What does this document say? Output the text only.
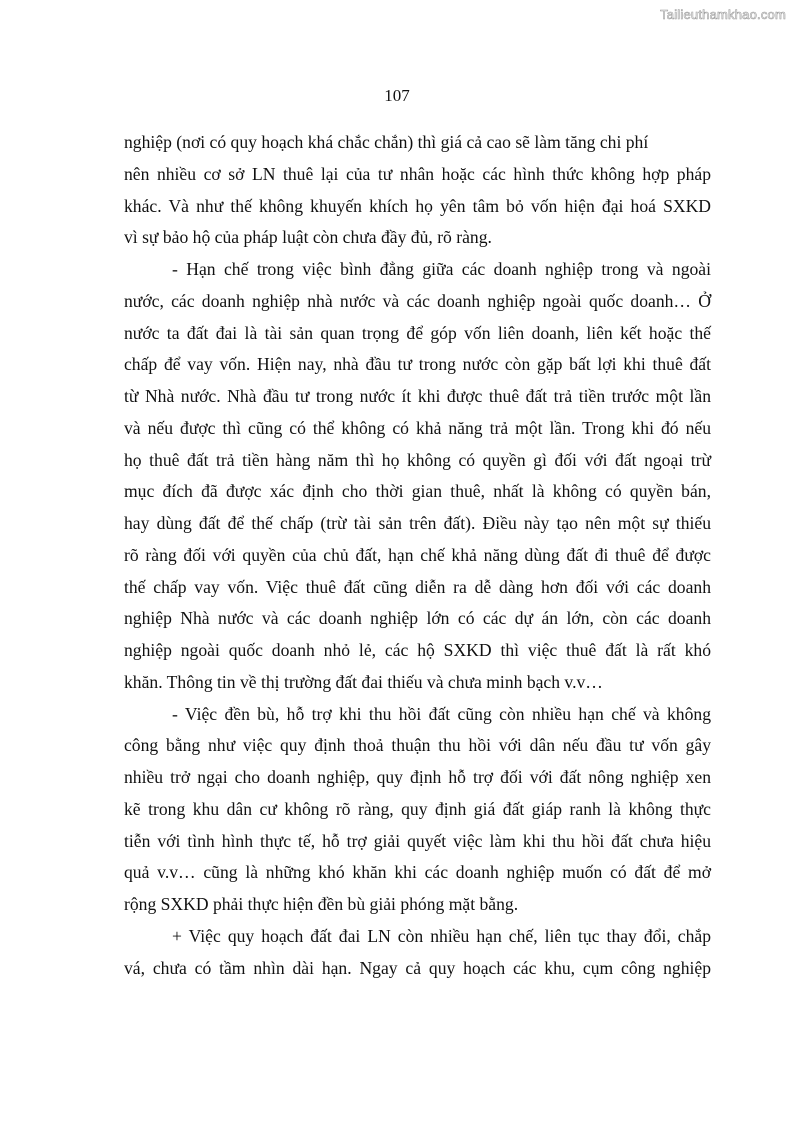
Tailieuthamkhao.com
107
nghiệp (nơi có quy hoạch khá chắc chắn) thì giá cả cao sẽ làm tăng chi phí
nên nhiều cơ sở LN thuê lại của tư nhân hoặc các hình thức không hợp pháp
khác. Và như thế không khuyến khích họ yên tâm bỏ vốn hiện đại hoá SXKD
vì sự bảo hộ của pháp luật còn chưa đầy đủ, rõ ràng.
- Hạn chế trong việc bình đẳng giữa các doanh nghiệp trong và ngoài
nước, các doanh nghiệp nhà nước và các doanh nghiệp ngoài quốc doanh… Ở
nước ta đất đai là tài sản quan trọng để góp vốn liên doanh, liên kết hoặc thế
chấp để vay vốn. Hiện nay, nhà đầu tư trong nước còn gặp bất lợi khi thuê đất
từ Nhà nước. Nhà đầu tư trong nước ít khi được thuê đất trả tiền trước một lần
và nếu được thì cũng có thể không có khả năng trả một lần. Trong khi đó nếu
họ thuê đất trả tiền hàng năm thì họ không có quyền gì đối với đất ngoại trừ
mục đích đã được xác định cho thời gian thuê, nhất là không có quyền bán,
hay dùng đất để thế chấp (trừ tài sản trên đất). Điều này tạo nên một sự thiếu
rõ ràng đối với quyền của chủ đất, hạn chế khả năng dùng đất đi thuê để được
thế chấp vay vốn. Việc thuê đất cũng diễn ra dễ dàng hơn đối với các doanh
nghiệp Nhà nước và các doanh nghiệp lớn có các dự án lớn, còn các doanh
nghiệp ngoài quốc doanh nhỏ lẻ, các hộ SXKD thì việc thuê đất là rất khó
khăn. Thông tin về thị trường đất đai thiếu và chưa minh bạch v.v…
- Việc đền bù, hỗ trợ khi thu hồi đất cũng còn nhiều hạn chế và không
công bằng như việc quy định thoả thuận thu hồi với dân nếu đầu tư vốn gây
nhiều trở ngại cho doanh nghiệp, quy định hỗ trợ đối với đất nông nghiệp xen
kẽ trong khu dân cư không rõ ràng, quy định giá đất giáp ranh là không thực
tiễn với tình hình thực tế, hỗ trợ giải quyết việc làm khi thu hồi đất chưa hiệu
quả v.v… cũng là những khó khăn khi các doanh nghiệp muốn có đất để mở
rộng SXKD phải thực hiện đền bù giải phóng mặt bằng.
+ Việc quy hoạch đất đai LN còn nhiều hạn chế, liên tục thay đổi, chắp
vá, chưa có tầm nhìn dài hạn. Ngay cả quy hoạch các khu, cụm công nghiệp
